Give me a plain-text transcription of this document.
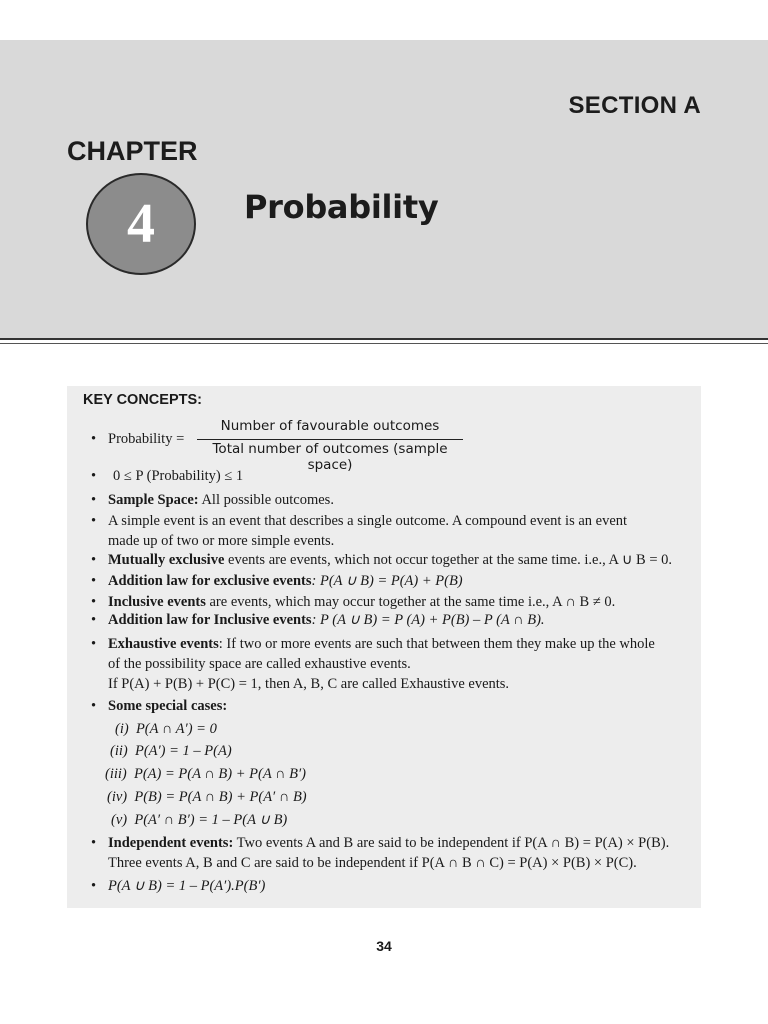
SECTION A
CHAPTER
4	Probability
KEY CONCEPTS:
• Probability =
Number of favourable outcomes
Total number of outcomes (sample space)
•	0 ≤ P (Probability) ≤ 1
• Sample Space: All possible outcomes.
• A simple event is an event that describes a single outcome. A compound event is an event
made up of two or more simple events.
• Mutually exclusive events are events, which not occur together at the same time. i.e., A ∪ B = 0.
• Addition law for exclusive events: P(A ∪ B) = P(A) + P(B)
• Inclusive events are events, which may occur together at the same time i.e., A ∩ B ≠ 0.
• Addition law for Inclusive events: P (A ∪ B) = P (A) + P(B) – P (A ∩ B).
• Exhaustive events: If two or more events are such that between them they make up the whole
of the possibility space are called exhaustive events.
If P(A) + P(B) + P(C) = 1, then A, B, C are called Exhaustive events.
• Some special cases:
(i) P(A ∩ A′) = 0
(ii) P(A′) = 1 – P(A)
(iii) P(A) = P(A ∩ B) + P(A ∩ B′)
(iv) P(B) = P(A ∩ B) + P(A′ ∩ B)
(v) P(A′ ∩ B′) = 1 – P(A ∪ B)
• Independent events: Two events A and B are said to be independent if P(A ∩ B) = P(A) × P(B).
Three events A, B and C are said to be independent if P(A ∩ B ∩ C) = P(A) × P(B) × P(C).
• P(A ∪ B) = 1 – P(A′).P(B′)
34
